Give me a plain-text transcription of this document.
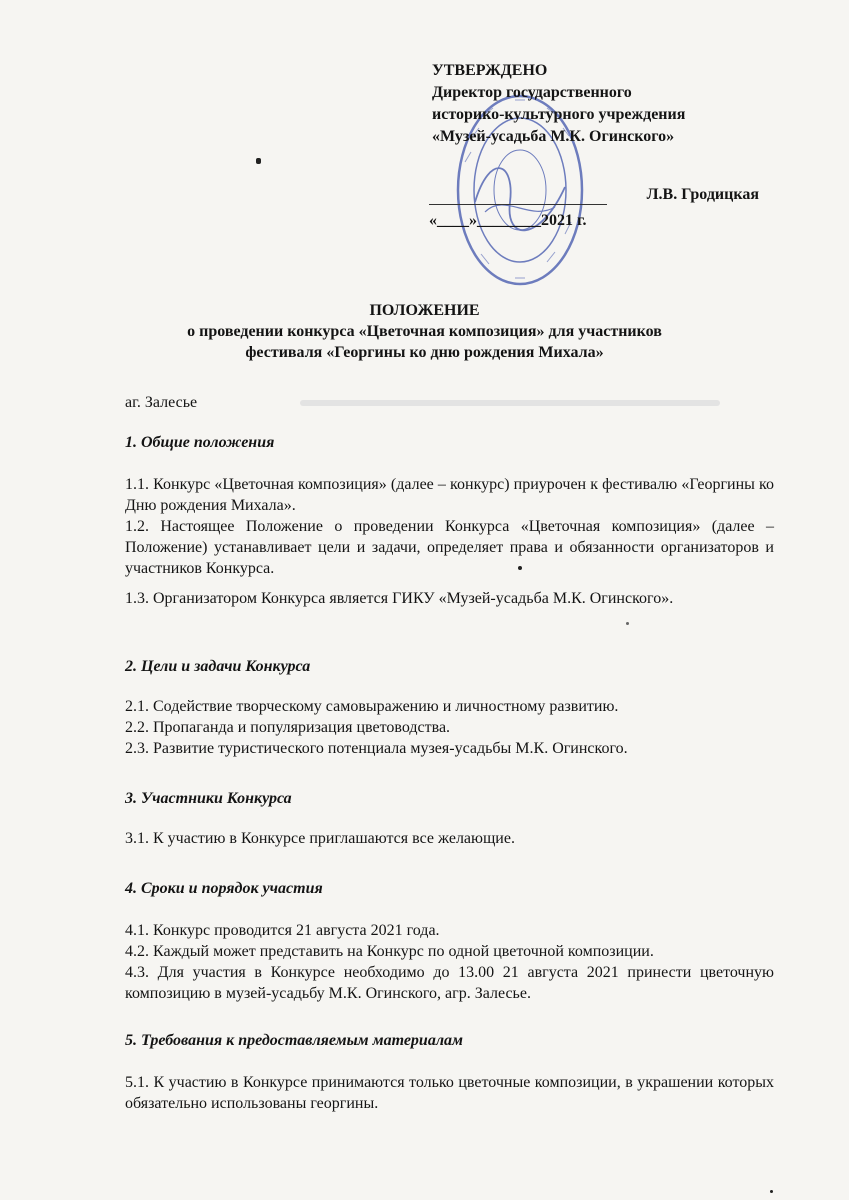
УТВЕРЖДЕНО
Директор государственного
историко-культурного учреждения
«Музей-усадьба М.К. Огинского»
Л.В. Гродицкая
«____»________2021 г.
ПОЛОЖЕНИЕ
о проведении конкурса «Цветочная композиция» для участников
фестиваля «Георгины ко дню рождения Михала»
аг. Залесье
1. Общие положения
1.1. Конкурс «Цветочная композиция» (далее – конкурс) приурочен к фестивалю «Георгины ко Дню рождения Михала».
1.2. Настоящее Положение о проведении Конкурса «Цветочная композиция» (далее – Положение) устанавливает цели и задачи, определяет права и обязанности организаторов и участников Конкурса.
1.3. Организатором Конкурса является ГИКУ «Музей-усадьба М.К. Огинского».
2. Цели и задачи Конкурса
2.1. Содействие творческому самовыражению и личностному развитию.
2.2. Пропаганда и популяризация цветоводства.
2.3. Развитие туристического потенциала музея-усадьбы М.К. Огинского.
3. Участники Конкурса
3.1. К участию в Конкурсе приглашаются все желающие.
4. Сроки и порядок участия
4.1. Конкурс проводится 21 августа 2021 года.
4.2. Каждый может представить на Конкурс по одной цветочной композиции.
4.3. Для участия в Конкурсе необходимо до 13.00 21 августа 2021 принести цветочную композицию в музей-усадьбу М.К. Огинского, агр. Залесье.
5. Требования к предоставляемым материалам
5.1. К участию в Конкурсе принимаются только цветочные композиции, в украшении которых обязательно использованы георгины.
